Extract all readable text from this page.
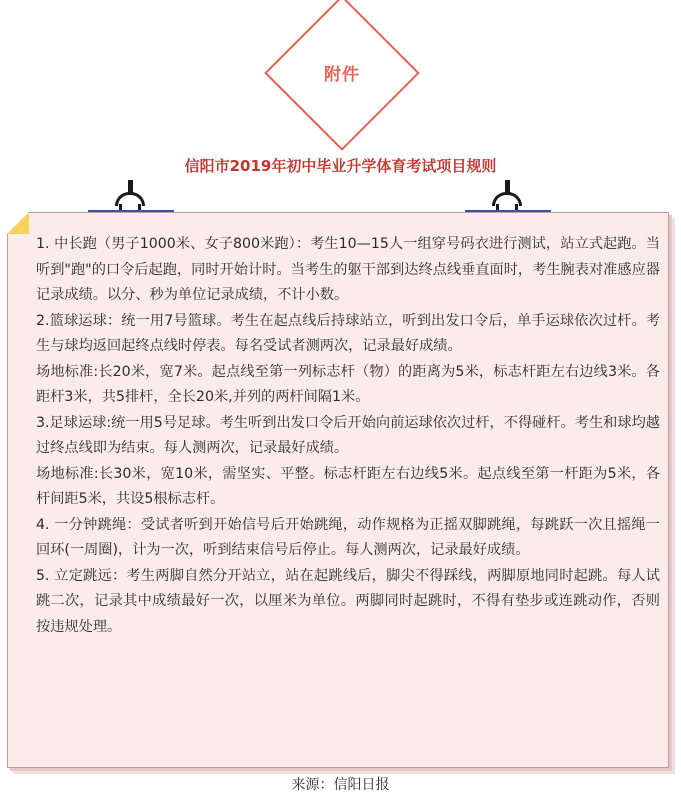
附件
信阳市2019年初中毕业升学体育考试项目规则

1. 中长跑（男子1000米、女子800米跑）：考生10—15人一组穿号码衣进行测试，站立式起跑。当听到"跑"的口令后起跑，同时开始计时。当考生的躯干部到达终点线垂直面时，考生腕表对准感应器记录成绩。以分、秒为单位记录成绩，不计小数。

2.篮球运球：统一用7号篮球。考生在起点线后持球站立，听到出发口令后，单手运球依次过杆。考生与球均返回起终点线时停表。每名受试者测两次，记录最好成绩。

场地标准:长20米，宽7米。起点线至第一列标志杆（物）的距离为5米，标志杆距左右边线3米。各距杆3米，共5排杆，全长20米,并列的两杆间隔1米。

3.足球运球:统一用5号足球。考生听到出发口令后开始向前运球依次过杆，不得碰杆。考生和球均越过终点线即为结束。每人测两次，记录最好成绩。

场地标准:长30米，宽10米，需坚实、平整。标志杆距左右边线5米。起点线至第一杆距为5米，各杆间距5米，共设5根标志杆。

4. 一分钟跳绳：受试者听到开始信号后开始跳绳，动作规格为正摇双脚跳绳，每跳跃一次且摇绳一回环(一周圈)，计为一次，听到结束信号后停止。每人测两次，记录最好成绩。

5. 立定跳远：考生两脚自然分开站立，站在起跳线后，脚尖不得踩线，两脚原地同时起跳。每人试跳二次，记录其中成绩最好一次，以厘米为单位。两脚同时起跳时，不得有垫步或连跳动作，否则按违规处理。

来源：信阳日报
